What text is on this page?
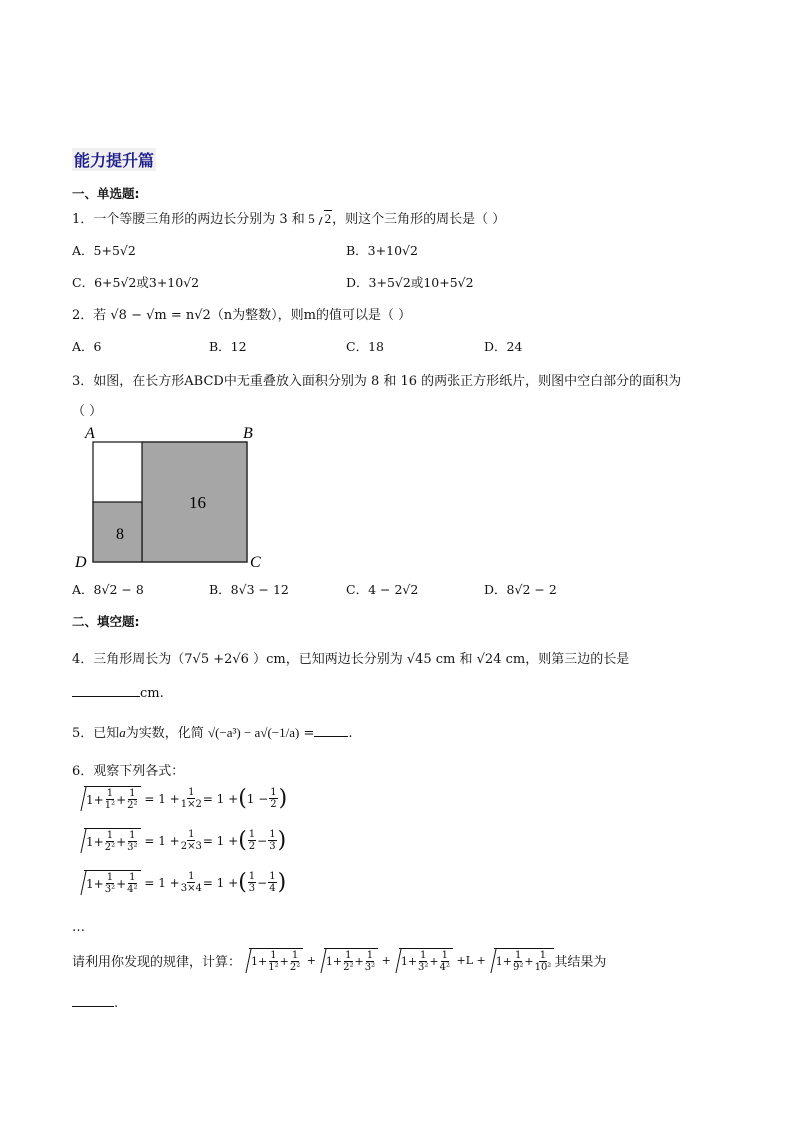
能力提升篇
一、单选题:
1．一个等腰三角形的两边长分别为 3 和 5 2，则这个三角形的周长是（ ）
A．5+5√2	B．3+10√2
C．6+5√2或3+10√2	D．3+5√2或10+5√2
2．若 √8 − √m = n√2（n为整数），则m的值可以是（ ）
A．6	B．12	C．18	D．24
3．如图，在长方形ABCD中无重叠放入面积分别为 8 和 16 的两张正方形纸片，则图中空白部分的面积为
（ ）
A	B
C
D
16
8
A．8√2 − 8	B．8√3 − 12	C．4 − 2√2	D．8√2 − 2
二、填空题:
4．三角形周长为（7√5 +2√6 ）cm，已知两边长分别为 √45 cm 和 √24 cm，则第三边的长是
cm.
5．已知a为实数，化简 √(−a³) − a√(−1/a) =	.
6．观察下列各式：
$1+ \frac{1}{\text{1²}} + \frac{1}{\text{2²}} = 1 + \frac{1}{1\times 2} = 1$ + ( $1 - \frac{1}{2}$ )
$1+ \frac{1}{\text{2²}} + \frac{1}{\text{3²}} = 1 + \frac{1}{2\times 3} = 1$ + ( $\frac{1}{2} - \frac{1}{3}$ )
$1+ \frac{1}{\text{3²}} + \frac{1}{\text{4²}} = 1 + \frac{1}{3\times 4} = 1$ + ( $\frac{1}{3} - \frac{1}{4}$ )
…
请利用你发现的规律，计算： $1+ \frac{1}{\text{1²}} + \frac{1}{\text{2²}} + 1+ \frac{1}{\text{2²}} + \frac{1}{\text{3²}} + 1+ \frac{1}{\text{3²}} + \frac{1}{\text{4²}} + L + 1+ \frac{1}{\text{9²}} + \frac{1}{\text{10²}}$ 其结果为
.
